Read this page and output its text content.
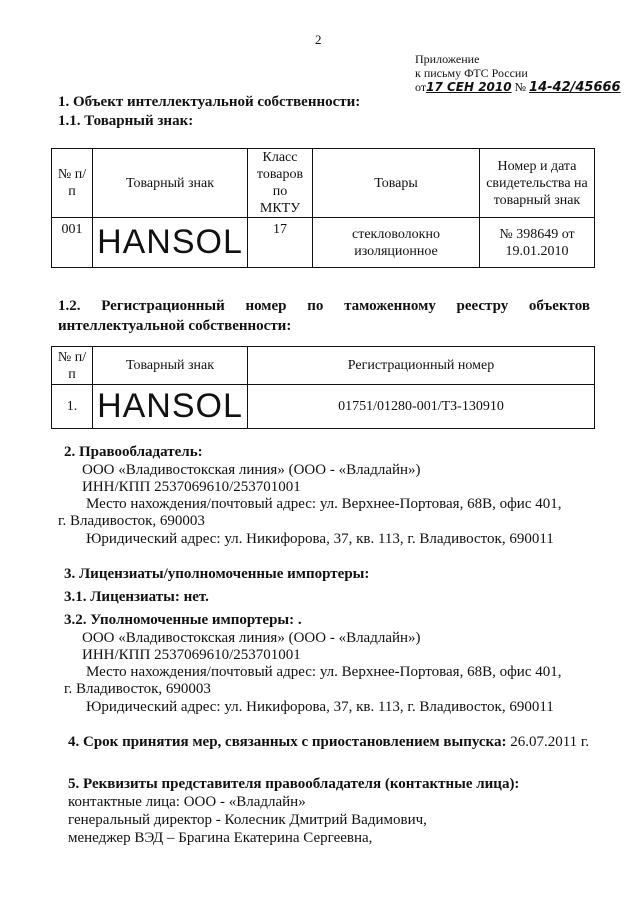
2
Приложение
к письму ФТС России
от17 СЕН 2010 № 14-42/45666
1. Объект интеллектуальной собственности:
1.1. Товарный знак:
№ п/п	Товарный знак	Класс товаров по МКТУ	Товары	Номер и дата свидетельства на товарный знак
001	HANSOL	17	стекловолокно изоляционное	№ 398649 от 19.01.2010
1.2. Регистрационный номер по таможенному реестру объектов интеллектуальной собственности:
№ п/п	Товарный знак	Регистрационный номер
1.	HANSOL	01751/01280-001/ТЗ-130910
2. Правообладатель:
ООО «Владивостокская линия» (ООО - «Владлайн»)
ИНН/КПП 2537069610/253701001
Место нахождения/почтовый адрес: ул. Верхнее-Портовая, 68В, офис 401,
г. Владивосток, 690003
Юридический адрес: ул. Никифорова, 37, кв. 113, г. Владивосток, 690011
3. Лицензиаты/уполномоченные импортеры:
3.1. Лицензиаты: нет.
3.2. Уполномоченные импортеры: .
ООО «Владивостокская линия» (ООО - «Владлайн»)
ИНН/КПП 2537069610/253701001
Место нахождения/почтовый адрес: ул. Верхнее-Портовая, 68В, офис 401,
г. Владивосток, 690003
Юридический адрес: ул. Никифорова, 37, кв. 113, г. Владивосток, 690011
4. Срок принятия мер, связанных с приостановлением выпуска: 26.07.2011 г.
5. Реквизиты представителя правообладателя (контактные лица):
контактные лица: ООО - «Владлайн»
генеральный директор - Колесник Дмитрий Вадимович,
менеджер ВЭД – Брагина Екатерина Сергеевна,
